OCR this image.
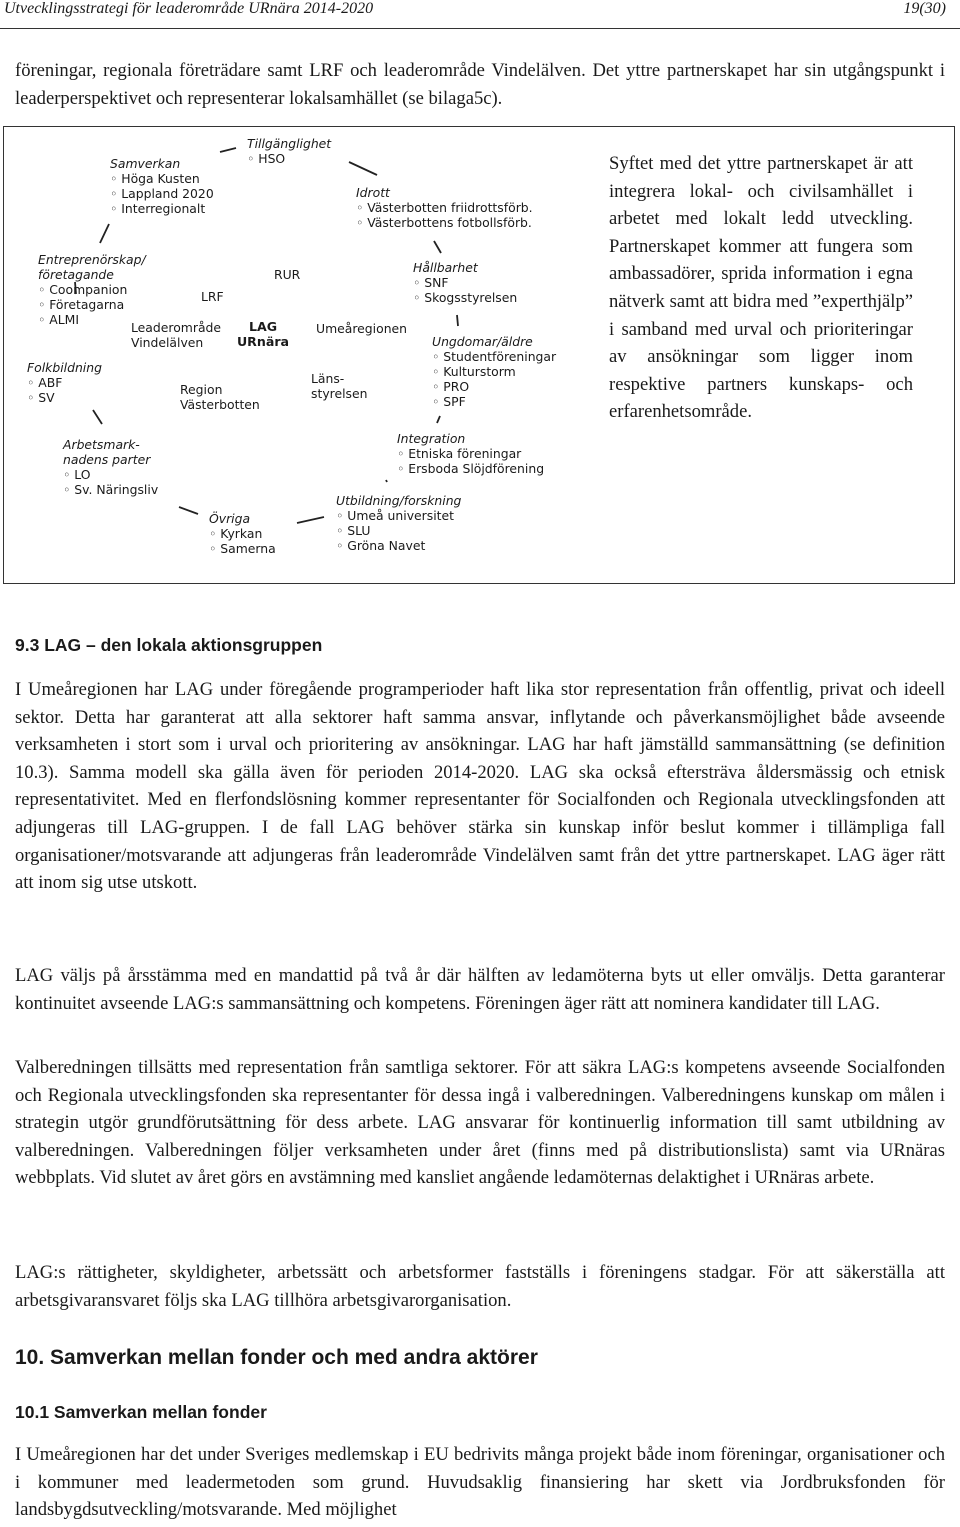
Utvecklingsstrategi för leaderområde URnära 2014-2020	19(30)
föreningar, regionala företrädare samt LRF och leaderområde Vindelälven. Det yttre partnerskapet har sin utgångspunkt i leaderperspektivet och representerar lokalsamhället (se bilaga5c).
Samverkan
◦ Höga Kusten
◦ Lappland 2020
◦ Interregionalt
Tillgänglighet
◦ HSO
Idrott
◦ Västerbotten friidrottsförb.
◦ Västerbottens fotbollsförb.
Entreprenörskap/
företagande
◦ Coompanion
◦ Företagarna
◦ ALMI
Hållbarhet
◦ SNF
◦ Skogsstyrelsen
Folkbildning
◦ ABF
◦ SV
Ungdomar/äldre
◦ Studentföreningar
◦ Kulturstorm
◦ PRO
◦ SPF
Arbetsmark-
nadens parter
◦ LO
◦ Sv. Näringsliv
Integration
◦ Etniska föreningar
◦ Ersboda Slöjdförening
Utbildning/forskning
◦ Umeå universitet
◦ SLU
◦ Gröna Navet
Övriga
◦ Kyrkan
◦ Samerna
RUR
LRF
Leaderområde
Vindelälven
LAG
URnära
Umeåregionen
Region
Västerbotten
Läns-
styrelsen
Syftet med det yttre partnerskapet är att integrera lokal- och civilsamhället i arbetet med lokalt ledd utveckling. Partnerskapet kommer att fungera som ambassadörer, sprida information i egna nätverk samt att bidra med ”experthjälp” i samband med urval och prioriteringar av ansökningar som ligger inom respektive partners kunskaps- och erfarenhetsområde.
9.3 LAG – den lokala aktionsgruppen
I Umeåregionen har LAG under föregående programperioder haft lika stor representation från offentlig, privat och ideell sektor. Detta har garanterat att alla sektorer haft samma ansvar, inflytande och påverkansmöjlighet både avseende verksamheten i stort som i urval och prioritering av ansökningar. LAG har haft jämställd sammansättning (se definition 10.3). Samma modell ska gälla även för perioden 2014-2020. LAG ska också eftersträva åldersmässig och etnisk representativitet. Med en flerfondslösning kommer representanter för Socialfonden och Regionala utvecklingsfonden att adjungeras till LAG-gruppen. I de fall LAG behöver stärka sin kunskap inför beslut kommer i tillämpliga fall organisationer/motsvarande att adjungeras från leaderområde Vindelälven samt från det yttre partnerskapet. LAG äger rätt att inom sig utse utskott.
LAG väljs på årsstämma med en mandattid på två år där hälften av ledamöterna byts ut eller omväljs. Detta garanterar kontinuitet avseende LAG:s sammansättning och kompetens. Föreningen äger rätt att nominera kandidater till LAG.
Valberedningen tillsätts med representation från samtliga sektorer. För att säkra LAG:s kompetens avseende Socialfonden och Regionala utvecklingsfonden ska representanter för dessa ingå i valberedningen. Valberedningens kunskap om målen i strategin utgör grundförutsättning för dess arbete. LAG ansvarar för kontinuerlig information till samt utbildning av valberedningen. Valberedningen följer verksamheten under året (finns med på distributionslista) samt via URnäras webbplats. Vid slutet av året görs en avstämning med kansliet angående ledamöternas delaktighet i URnäras arbete.
LAG:s rättigheter, skyldigheter, arbetssätt och arbetsformer fastställs i föreningens stadgar. För att säkerställa att arbetsgivaransvaret följs ska LAG tillhöra arbetsgivarorganisation.
10. Samverkan mellan fonder och med andra aktörer
10.1 Samverkan mellan fonder
I Umeåregionen har det under Sveriges medlemskap i EU bedrivits många projekt både inom föreningar, organisationer och i kommuner med leadermetoden som grund. Huvudsaklig finansiering har skett via Jordbruksfonden för landsbygdsutveckling/motsvarande. Med möjlighet
